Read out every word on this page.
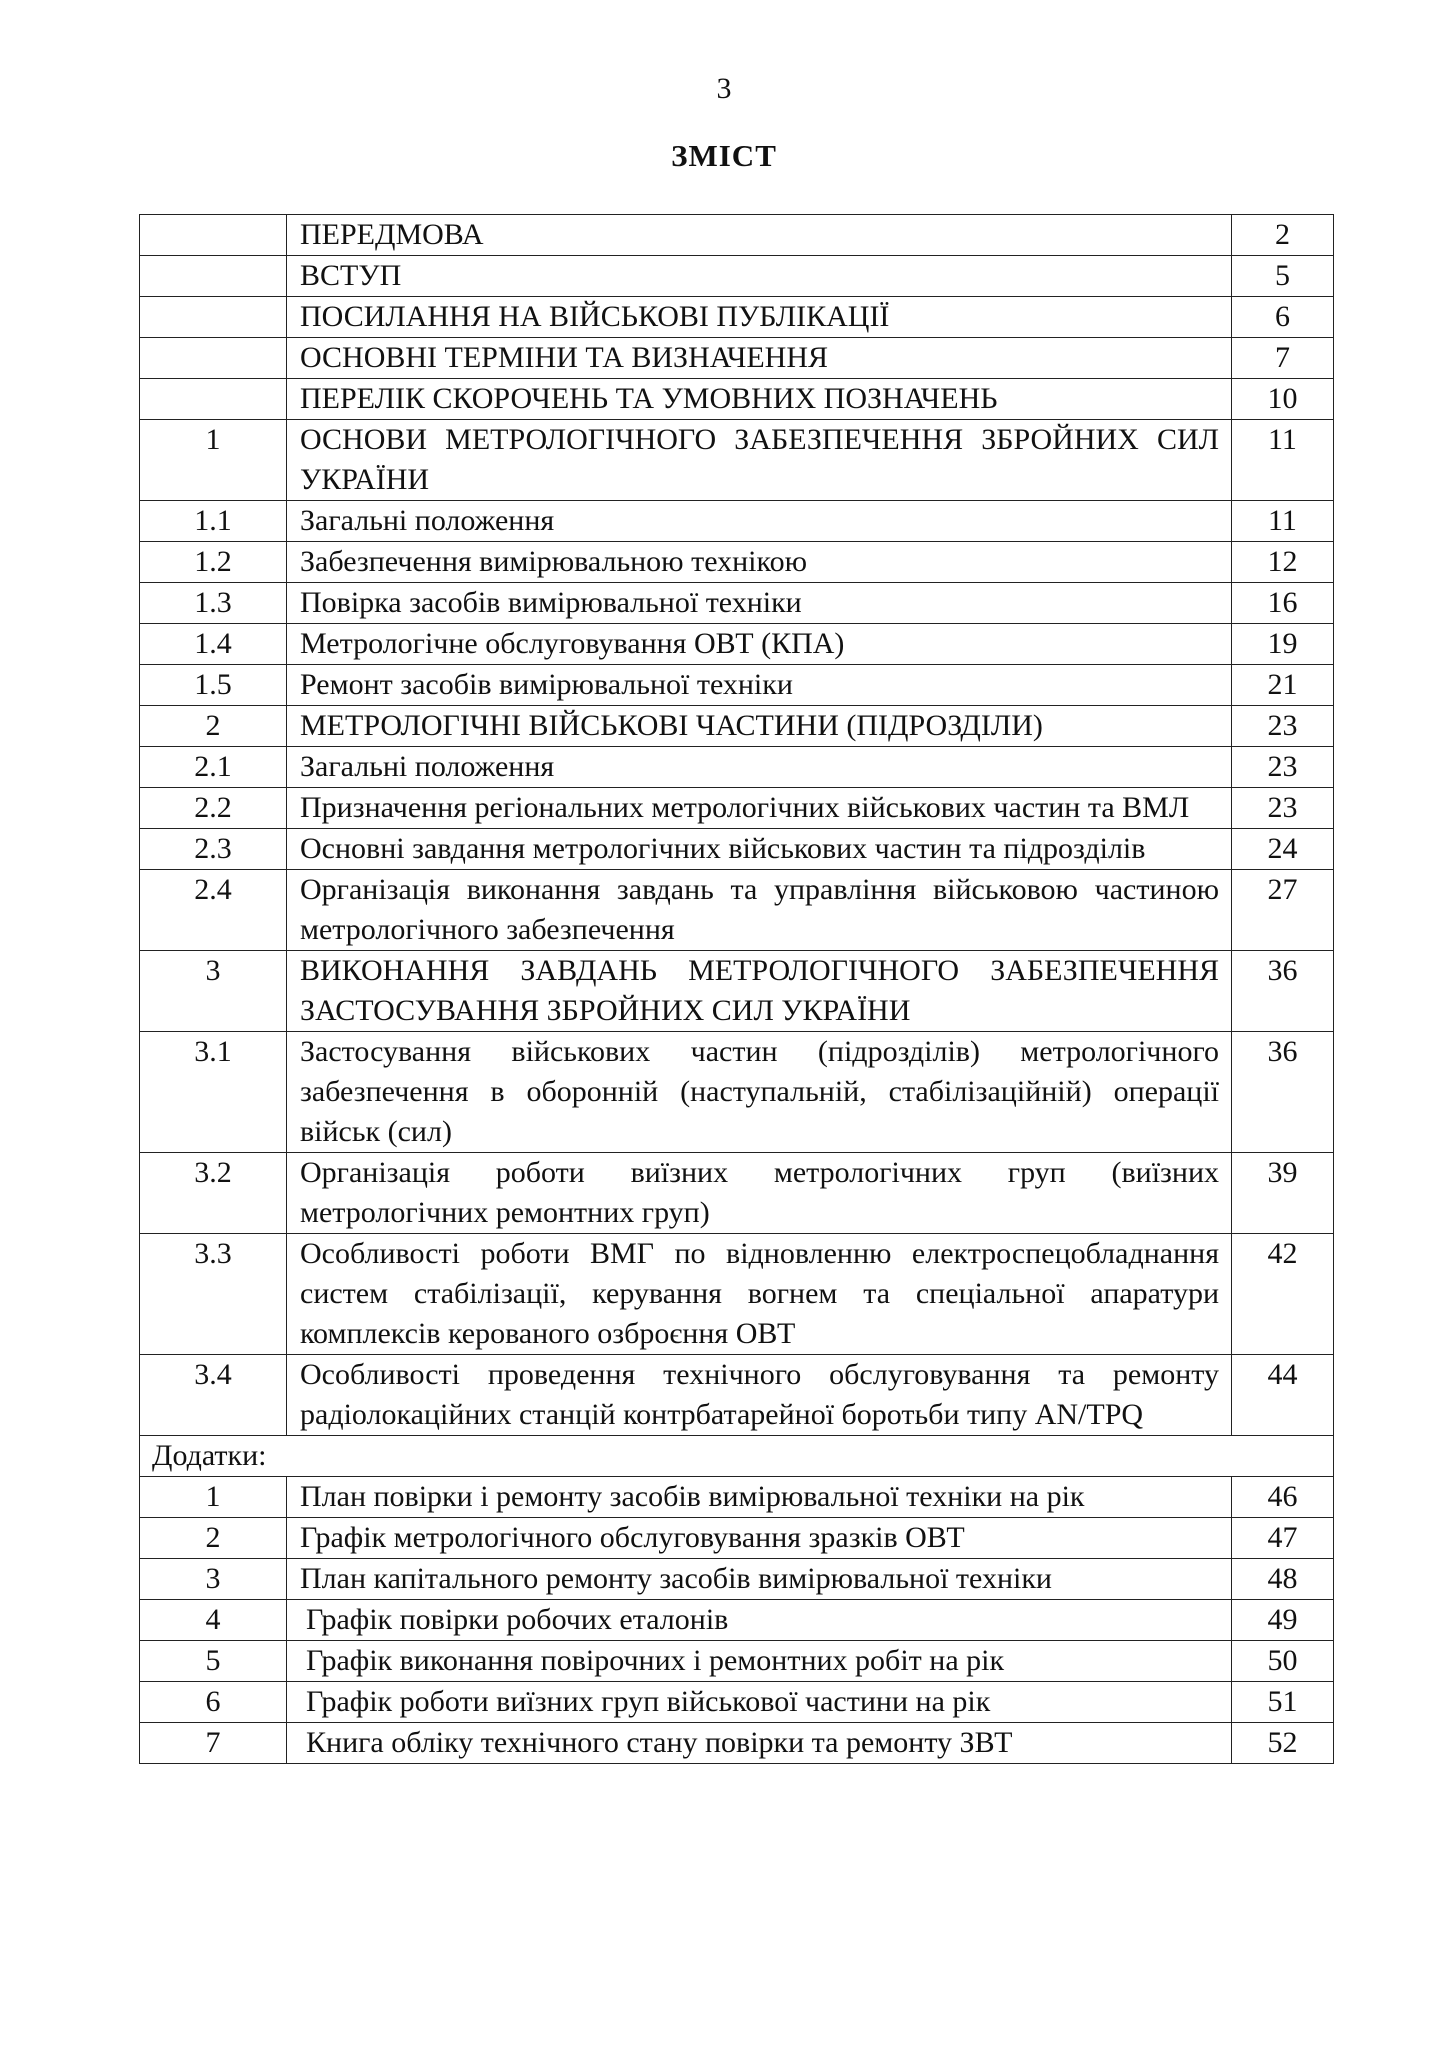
3
ЗМІСТ
	ПЕРЕДМОВА	2
	ВСТУП	5
	ПОСИЛАННЯ НА ВІЙСЬКОВІ ПУБЛІКАЦІЇ	6
	ОСНОВНІ ТЕРМІНИ ТА ВИЗНАЧЕННЯ	7
	ПЕРЕЛІК СКОРОЧЕНЬ ТА УМОВНИХ ПОЗНАЧЕНЬ	10
1	ОСНОВИ МЕТРОЛОГІЧНОГО ЗАБЕЗПЕЧЕННЯ ЗБРОЙНИХ СИЛ УКРАЇНИ	11
1.1	Загальні положення	11
1.2	Забезпечення вимірювальною технікою	12
1.3	Повірка засобів вимірювальної техніки	16
1.4	Метрологічне обслуговування ОВТ (КПА)	19
1.5	Ремонт засобів вимірювальної техніки	21
2	МЕТРОЛОГІЧНІ ВІЙСЬКОВІ ЧАСТИНИ (ПІДРОЗДІЛИ)	23
2.1	Загальні положення	23
2.2	Призначення регіональних метрологічних військових частин та ВМЛ	23
2.3	Основні завдання метрологічних військових частин та підрозділів	24
2.4	Організація виконання завдань та управління військовою частиною метрологічного забезпечення	27
3	ВИКОНАННЯ ЗАВДАНЬ МЕТРОЛОГІЧНОГО ЗАБЕЗПЕЧЕННЯ ЗАСТОСУВАННЯ ЗБРОЙНИХ СИЛ УКРАЇНИ	36
3.1	Застосування військових частин (підрозділів) метрологічного забезпечення в оборонній (наступальній, стабілізаційній) операції військ (сил)	36
3.2	Організація роботи виїзних метрологічних груп (виїзних метрологічних ремонтних груп)	39
3.3	Особливості роботи ВМГ по відновленню електроспецобладнання систем стабілізації, керування вогнем та спеціальної апаратури комплексів керованого озброєння ОВТ	42
3.4	Особливості проведення технічного обслуговування та ремонту радіолокаційних станцій контрбатарейної боротьби типу AN/TPQ	44
Додатки:		
1	План повірки і ремонту засобів вимірювальної техніки на рік	46
2	Графік метрологічного обслуговування зразків ОВТ	47
3	План капітального ремонту засобів вимірювальної техніки	48
4	Графік повірки робочих еталонів	49
5	Графік виконання повірочних і ремонтних робіт на рік	50
6	Графік роботи виїзних груп військової частини на рік	51
7	Книга обліку технічного стану повірки та ремонту ЗВТ	52
